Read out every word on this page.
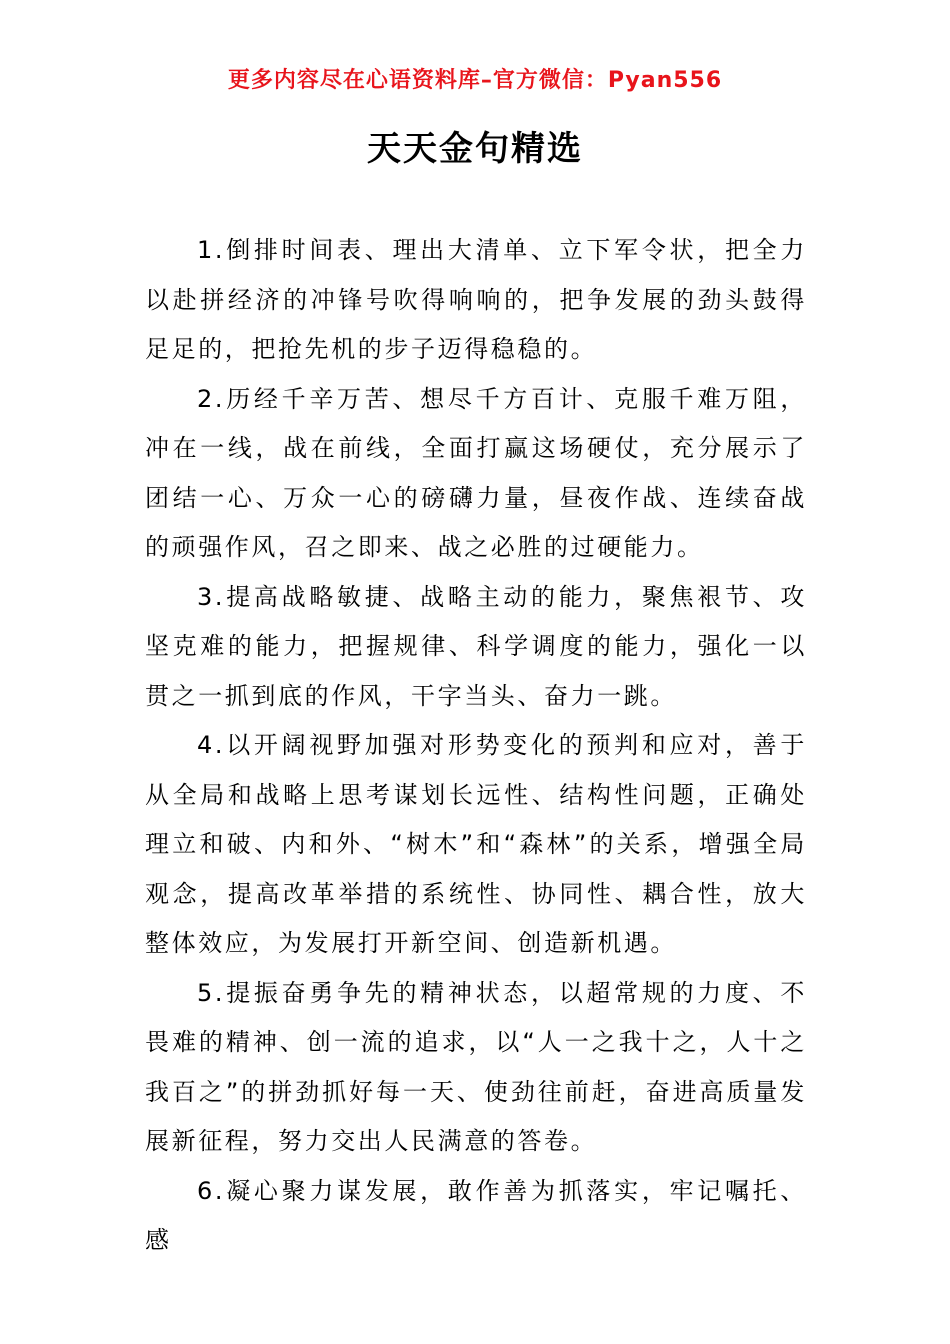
更多内容尽在心语资料库–官方微信：Pyan556
天天金句精选

1.倒排时间表、理出大清单、立下军令状，把全力以赴拼经济的冲锋号吹得响响的，把争发展的劲头鼓得足足的，把抢先机的步子迈得稳稳的。

2.历经千辛万苦、想尽千方百计、克服千难万阻，冲在一线，战在前线，全面打赢这场硬仗，充分展示了团结一心、万众一心的磅礴力量，昼夜作战、连续奋战的顽强作风，召之即来、战之必胜的过硬能力。

3.提高战略敏捷、战略主动的能力，聚焦裉节、攻坚克难的能力，把握规律、科学调度的能力，强化一以贯之一抓到底的作风，干字当头、奋力一跳。

4.以开阔视野加强对形势变化的预判和应对，善于从全局和战略上思考谋划长远性、结构性问题，正确处理立和破、内和外、“树木”和“森林”的关系，增强全局观念，提高改革举措的系统性、协同性、耦合性，放大整体效应，为发展打开新空间、创造新机遇。

5.提振奋勇争先的精神状态，以超常规的力度、不畏难的精神、创一流的追求，以“人一之我十之，人十之我百之”的拼劲抓好每一天、使劲往前赶，奋进高质量发展新征程，努力交出人民满意的答卷。

6.凝心聚力谋发展，敢作善为抓落实，牢记嘱托、感
